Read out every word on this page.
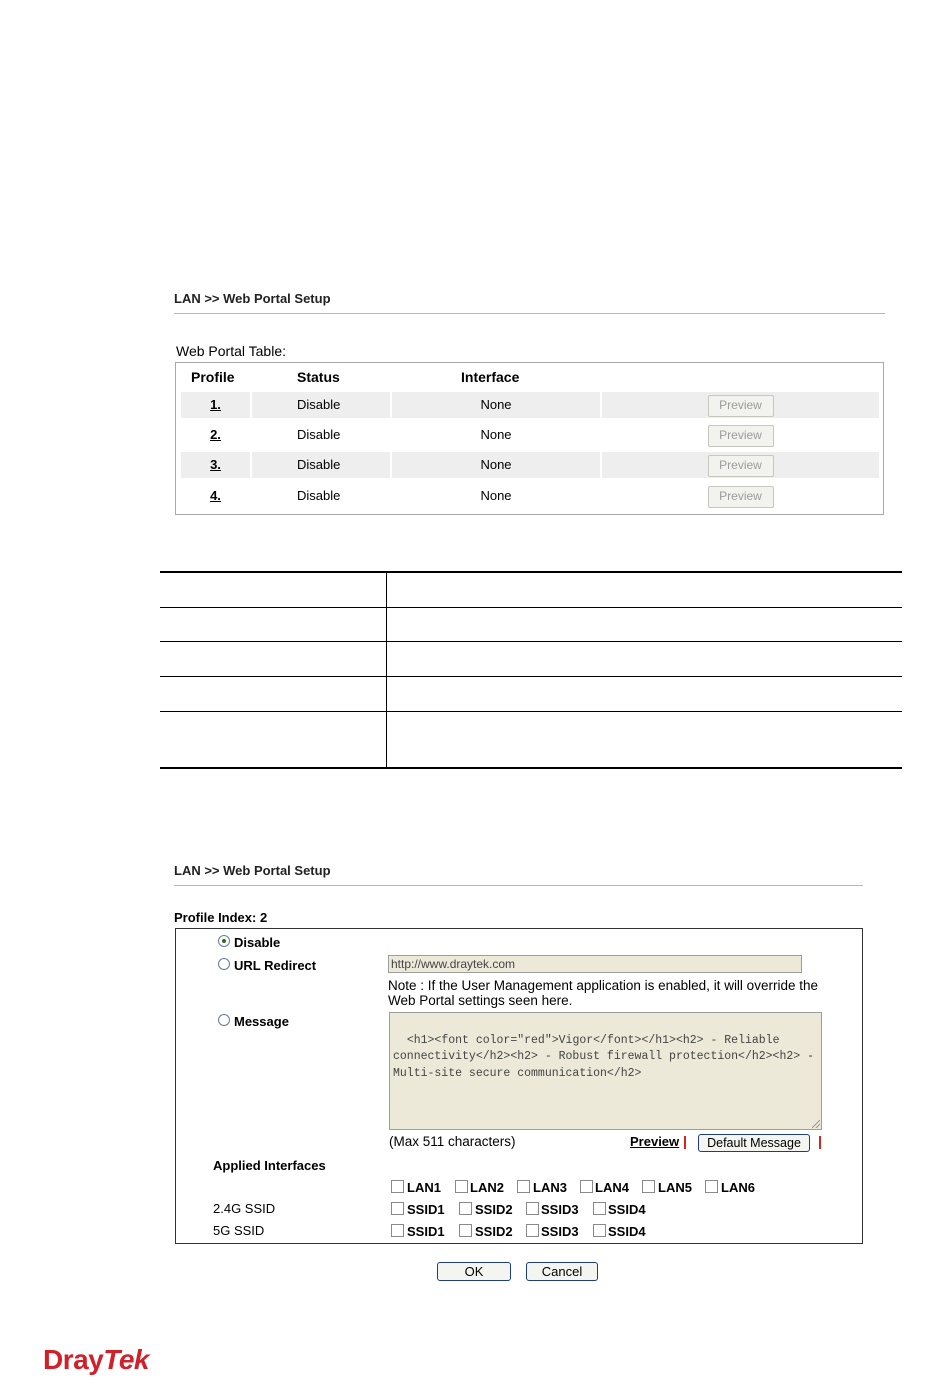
LAN >> Web Portal Setup
Web Portal Table:
Profile	Status	Interface
1.	Disable	None	Preview
2.	Disable	None	Preview
3.	Disable	None	Preview
4.	Disable	None	Preview
LAN >> Web Portal Setup
Profile Index: 2
Disable
URL Redirect	http://www.draytek.com
Note : If the User Management application is enabled, it will override the Web Portal settings seen here.
Message

<h1><font color="red">Vigor</font></h1><h2> - Reliable connectivity</h2><h2> - Robust firewall protection</h2><h2> - Multi-site secure communication</h2>

(Max 511 characters)	Preview	Default Message
Applied Interfaces
LAN1 LAN2 LAN3 LAN4 LAN5 LAN6
2.4G SSID	SSID1 SSID2 SSID3 SSID4
5G SSID	SSID1 SSID2 SSID3 SSID4
OK	Cancel
DrayTek
